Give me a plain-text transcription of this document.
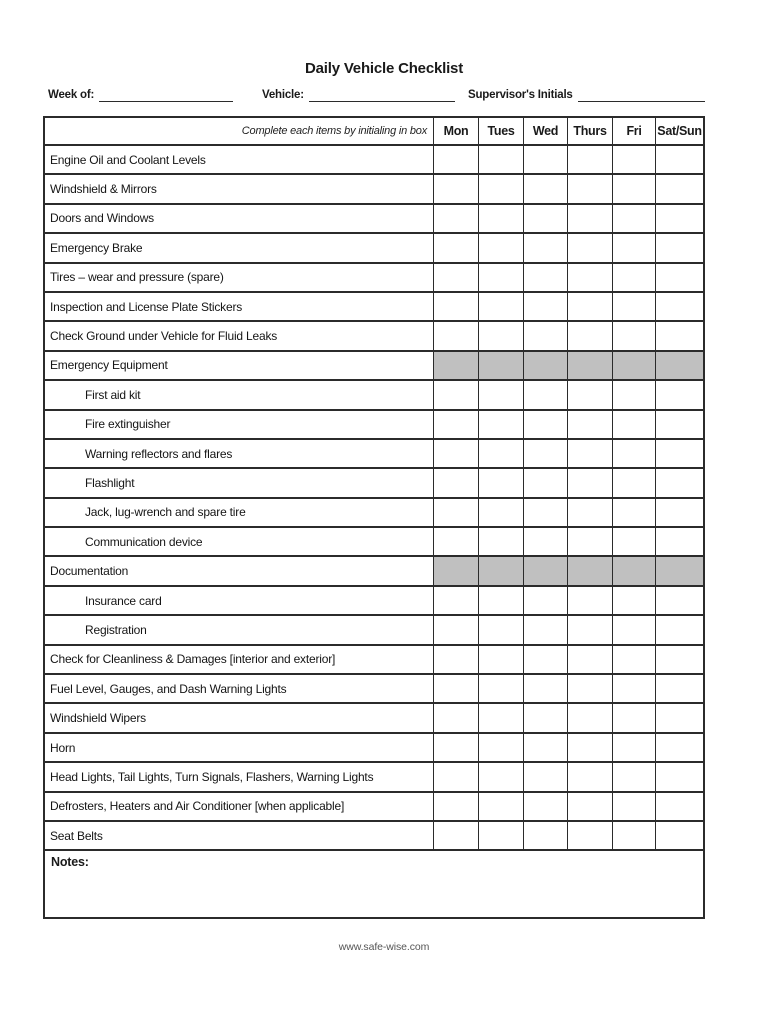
Daily Vehicle Checklist
Week of:	Vehicle:	Supervisor's Initials
Complete each items by initialing in box	Mon	Tues	Wed	Thurs	Fri	Sat/Sun
Engine Oil and Coolant Levels
Windshield & Mirrors
Doors and Windows
Emergency Brake
Tires – wear and pressure (spare)
Inspection and License Plate Stickers
Check Ground under Vehicle for Fluid Leaks
Emergency Equipment
First aid kit
Fire extinguisher
Warning reflectors and flares
Flashlight
Jack, lug-wrench and spare tire
Communication device
Documentation
Insurance card
Registration
Check for Cleanliness & Damages [interior and exterior]
Fuel Level, Gauges, and Dash Warning Lights
Windshield Wipers
Horn
Head Lights, Tail Lights, Turn Signals, Flashers, Warning Lights
Defrosters, Heaters and Air Conditioner [when applicable]
Seat Belts
Notes:
www.safe-wise.com
